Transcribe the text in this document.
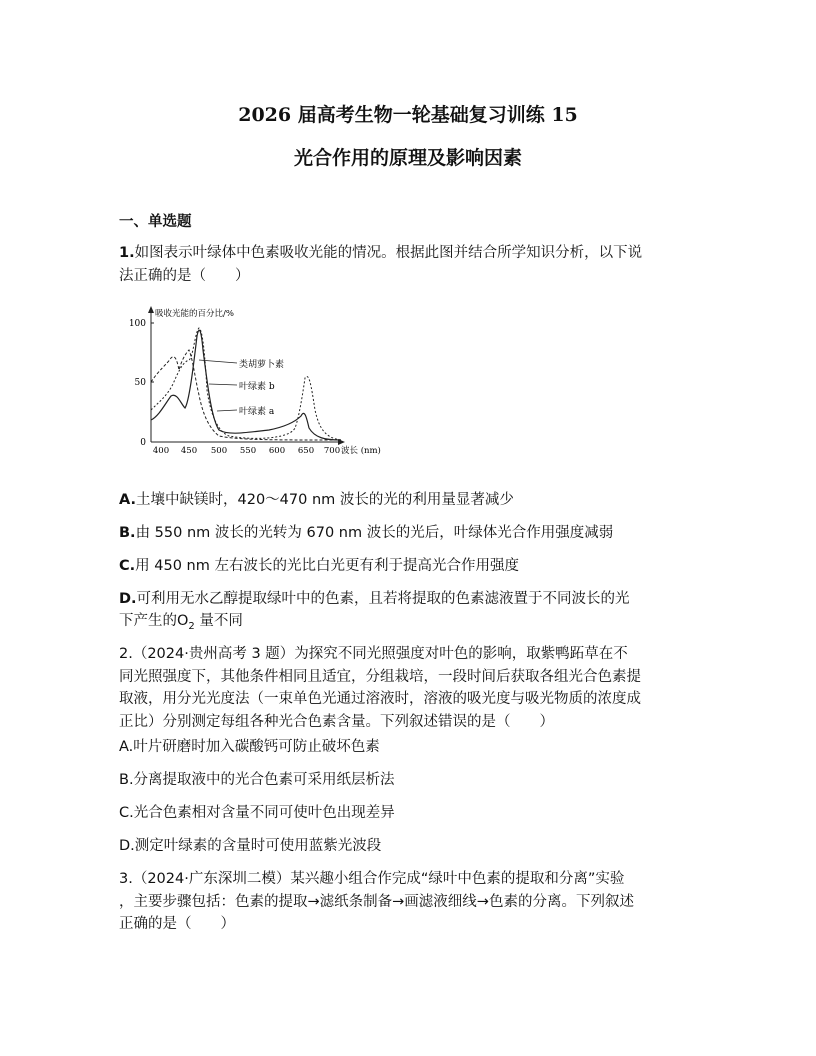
2026 届高考生物一轮基础复习训练 15
光合作用的原理及影响因素
一、单选题
1.如图表示叶绿体中色素吸收光能的情况。根据此图并结合所学知识分析，以下说
法正确的是（　　）
100
50
0
400 450 500 550 600 650 700 波长 (nm)
吸收光能的百分比/%
类胡萝卜素
叶绿素 b
叶绿素 a
A.土壤中缺镁时，420～470 nm 波长的光的利用量显著减少
B.由 550 nm 波长的光转为 670 nm 波长的光后，叶绿体光合作用强度减弱
C.用 450 nm 左右波长的光比白光更有利于提高光合作用强度
D.可利用无水乙醇提取绿叶中的色素，且若将提取的色素滤液置于不同波长的光
下产生的$O_2$ 量不同
2.（2024·贵州高考 3 题）为探究不同光照强度对叶色的影响，取紫鸭跖草在不
同光照强度下，其他条件相同且适宜，分组栽培，一段时间后获取各组光合色素提
取液，用分光光度法（一束单色光通过溶液时，溶液的吸光度与吸光物质的浓度成
正比）分别测定每组各种光合色素含量。下列叙述错误的是（　　）
A.叶片研磨时加入碳酸钙可防止破坏色素
B.分离提取液中的光合色素可采用纸层析法
C.光合色素相对含量不同可使叶色出现差异
D.测定叶绿素的含量时可使用蓝紫光波段
3.（2024·广东深圳二模）某兴趣小组合作完成“绿叶中色素的提取和分离”实验
，主要步骤包括：色素的提取→滤纸条制备→画滤液细线→色素的分离。下列叙述
正确的是（　　）
